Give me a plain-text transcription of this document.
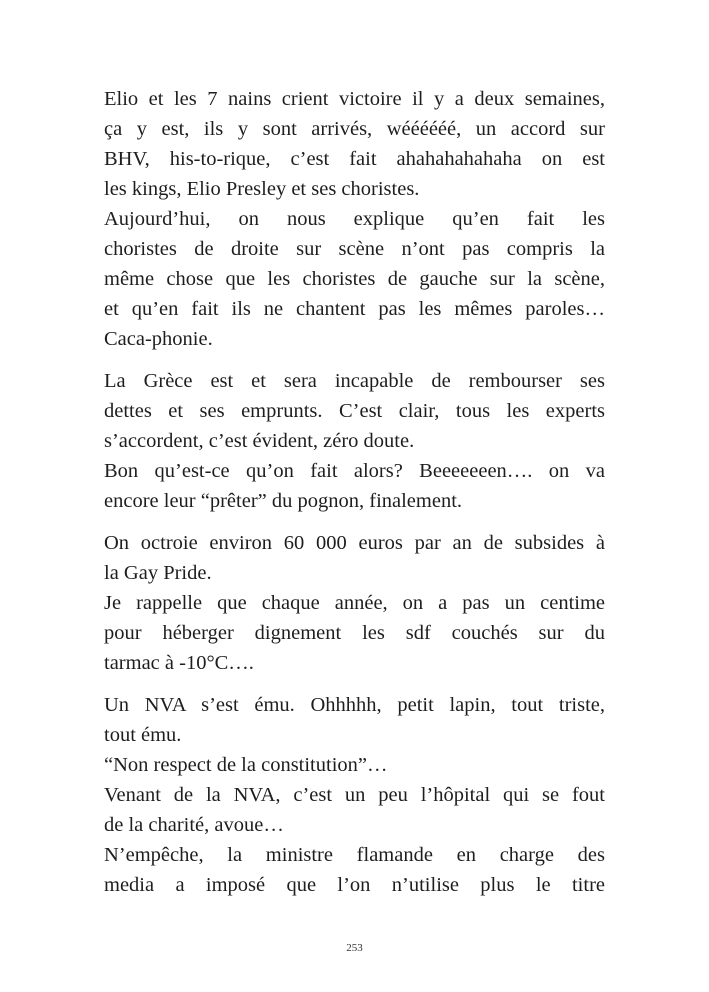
Elio et les 7 nains crient victoire il y a deux semaines,
ça y est, ils y sont arrivés, wéééééé, un accord sur
BHV, his-to-rique, c’est fait ahahahahahaha on est
les kings, Elio Presley et ses choristes.
Aujourd’hui, on nous explique qu’en fait les
choristes de droite sur scène n’ont pas compris la
même chose que les choristes de gauche sur la scène,
et qu’en fait ils ne chantent pas les mêmes paroles…
Caca-phonie.
La Grèce est et sera incapable de rembourser ses
dettes et ses emprunts. C’est clair, tous les experts
s’accordent, c’est évident, zéro doute.
Bon qu’est-ce qu’on fait alors? Beeeeeeen…. on va
encore leur “prêter” du pognon, finalement.
On octroie environ 60 000 euros par an de subsides à
la Gay Pride.
Je rappelle que chaque année, on a pas un centime
pour héberger dignement les sdf couchés sur du
tarmac à -10°C….
Un NVA s’est ému. Ohhhhh, petit lapin, tout triste,
tout ému.
“Non respect de la constitution”…
Venant de la NVA, c’est un peu l’hôpital qui se fout
de la charité, avoue…
N’empêche, la ministre flamande en charge des
media a imposé que l’on n’utilise plus le titre
253
